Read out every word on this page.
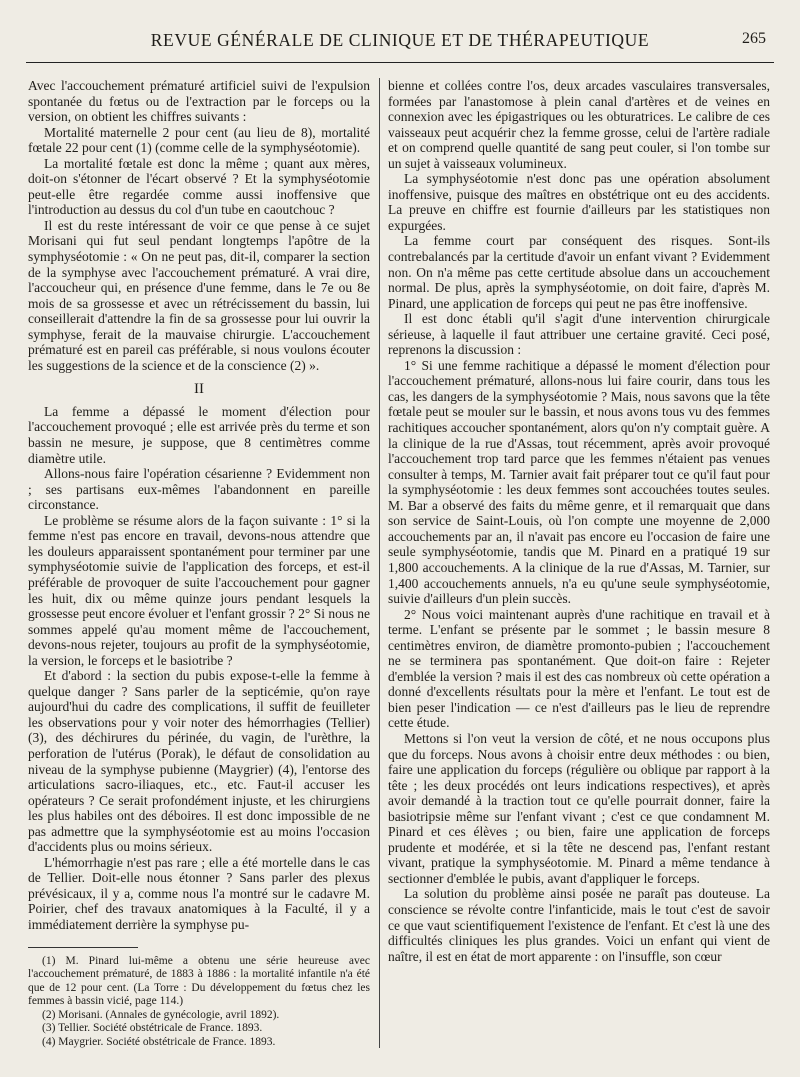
REVUE GÉNÉRALE DE CLINIQUE ET DE THÉRAPEUTIQUE	265

Avec l'accouchement prématuré artificiel suivi de l'expulsion spontanée du fœtus ou de l'extraction par le forceps ou la version, on obtient les chiffres suivants :

Mortalité maternelle 2 pour cent (au lieu de 8), mortalité fœtale 22 pour cent (1) (comme celle de la symphyséotomie).

La mortalité fœtale est donc la même ; quant aux mères, doit-on s'étonner de l'écart observé ? Et la symphyséotomie peut-elle être regardée comme aussi inoffensive que l'introduction au dessus du col d'un tube en caoutchouc ?

Il est du reste intéressant de voir ce que pense à ce sujet Morisani qui fut seul pendant longtemps l'apôtre de la symphyséotomie : « On ne peut pas, dit-il, comparer la section de la symphyse avec l'accouchement prématuré. A vrai dire, l'accoucheur qui, en présence d'une femme, dans le 7e ou 8e mois de sa grossesse et avec un rétrécissement du bassin, lui conseillerait d'attendre la fin de sa grossesse pour lui ouvrir la symphyse, ferait de la mauvaise chirurgie. L'accouchement prématuré est en pareil cas préférable, si nous voulons écouter les suggestions de la science et de la conscience (2) ».

II

La femme a dépassé le moment d'élection pour l'accouchement provoqué ; elle est arrivée près du terme et son bassin ne mesure, je suppose, que 8 centimètres comme diamètre utile.

Allons-nous faire l'opération césarienne ? Evidemment non ; ses partisans eux-mêmes l'abandonnent en pareille circonstance.

Le problème se résume alors de la façon suivante : 1° si la femme n'est pas encore en travail, devons-nous attendre que les douleurs apparaissent spontanément pour terminer par une symphyséotomie suivie de l'application des forceps, et est-il préférable de provoquer de suite l'accouchement pour gagner les huit, dix ou même quinze jours pendant lesquels la grossesse peut encore évoluer et l'enfant grossir ? 2° Si nous ne sommes appelé qu'au moment même de l'accouchement, devons-nous rejeter, toujours au profit de la symphyséotomie, la version, le forceps et le basiotribe ?

Et d'abord : la section du pubis expose-t-elle la femme à quelque danger ? Sans parler de la septicémie, qu'on raye aujourd'hui du cadre des complications, il suffit de feuilleter les observations pour y voir noter des hémorrhagies (Tellier) (3), des déchirures du périnée, du vagin, de l'urèthre, la perforation de l'utérus (Porak), le défaut de consolidation au niveau de la symphyse pubienne (Maygrier) (4), l'entorse des articulations sacro-iliaques, etc., etc. Faut-il accuser les opérateurs ? Ce serait profondément injuste, et les chirurgiens les plus habiles ont des déboires. Il est donc impossible de ne pas admettre que la symphyséotomie est au moins l'occasion d'accidents plus ou moins sérieux.

L'hémorrhagie n'est pas rare ; elle a été mortelle dans le cas de Tellier. Doit-elle nous étonner ? Sans parler des plexus prévésicaux, il y a, comme nous l'a montré sur le cadavre M. Poirier, chef des travaux anatomiques à la Faculté, il y a immédiatement derrière la symphyse pu-

(1) M. Pinard lui-même a obtenu une série heureuse avec l'accouchement prématuré, de 1883 à 1886 : la mortalité infantile n'a été que de 12 pour cent. (La Torre : Du développement du fœtus chez les femmes à bassin vicié, page 114.)

(2) Morisani. (Annales de gynécologie, avril 1892).

(3) Tellier. Société obstétricale de France. 1893.

(4) Maygrier. Société obstétricale de France. 1893.

bienne et collées contre l'os, deux arcades vasculaires transversales, formées par l'anastomose à plein canal d'artères et de veines en connexion avec les épigastriques ou les obturatrices. Le calibre de ces vaisseaux peut acquérir chez la femme grosse, celui de l'artère radiale et on comprend quelle quantité de sang peut couler, si l'on tombe sur un sujet à vaisseaux volumineux.

La symphyséotomie n'est donc pas une opération absolument inoffensive, puisque des maîtres en obstétrique ont eu des accidents. La preuve en chiffre est fournie d'ailleurs par les statistiques non expurgées.

La femme court par conséquent des risques. Sont-ils contrebalancés par la certitude d'avoir un enfant vivant ? Evidemment non. On n'a même pas cette certitude absolue dans un accouchement normal. De plus, après la symphyséotomie, on doit faire, d'après M. Pinard, une application de forceps qui peut ne pas être inoffensive.

Il est donc établi qu'il s'agit d'une intervention chirurgicale sérieuse, à laquelle il faut attribuer une certaine gravité. Ceci posé, reprenons la discussion :

1° Si une femme rachitique a dépassé le moment d'élection pour l'accouchement prématuré, allons-nous lui faire courir, dans tous les cas, les dangers de la symphyséotomie ? Mais, nous savons que la tête fœtale peut se mouler sur le bassin, et nous avons tous vu des femmes rachitiques accoucher spontanément, alors qu'on n'y comptait guère. A la clinique de la rue d'Assas, tout récemment, après avoir provoqué l'accouchement trop tard parce que les femmes n'étaient pas venues consulter à temps, M. Tarnier avait fait préparer tout ce qu'il faut pour la symphyséotomie : les deux femmes sont accouchées toutes seules. M. Bar a observé des faits du même genre, et il remarquait que dans son service de Saint-Louis, où l'on compte une moyenne de 2,000 accouchements par an, il n'avait pas encore eu l'occasion de faire une seule symphyséotomie, tandis que M. Pinard en a pratiqué 19 sur 1,800 accouchements. A la clinique de la rue d'Assas, M. Tarnier, sur 1,400 accouchements annuels, n'a eu qu'une seule symphyséotomie, suivie d'ailleurs d'un plein succès.

2° Nous voici maintenant auprès d'une rachitique en travail et à terme. L'enfant se présente par le sommet ; le bassin mesure 8 centimètres environ, de diamètre promonto-pubien ; l'accouchement ne se terminera pas spontanément. Que doit-on faire : Rejeter d'emblée la version ? mais il est des cas nombreux où cette opération a donné d'excellents résultats pour la mère et l'enfant. Le tout est de bien peser l'indication — ce n'est d'ailleurs pas le lieu de reprendre cette étude.

Mettons si l'on veut la version de côté, et ne nous occupons plus que du forceps. Nous avons à choisir entre deux méthodes : ou bien, faire une application du forceps (régulière ou oblique par rapport à la tête ; les deux procédés ont leurs indications respectives), et après avoir demandé à la traction tout ce qu'elle pourrait donner, faire la basiotripsie même sur l'enfant vivant ; c'est ce que condamnent M. Pinard et ces élèves ; ou bien, faire une application de forceps prudente et modérée, et si la tête ne descend pas, l'enfant restant vivant, pratique la symphyséotomie. M. Pinard a même tendance à sectionner d'emblée le pubis, avant d'appliquer le forceps.

La solution du problème ainsi posée ne paraît pas douteuse. La conscience se révolte contre l'infanticide, mais le tout c'est de savoir ce que vaut scientifiquement l'existence de l'enfant. Et c'est là une des difficultés cliniques les plus grandes. Voici un enfant qui vient de naître, il est en état de mort apparente : on l'insuffle, son cœur
